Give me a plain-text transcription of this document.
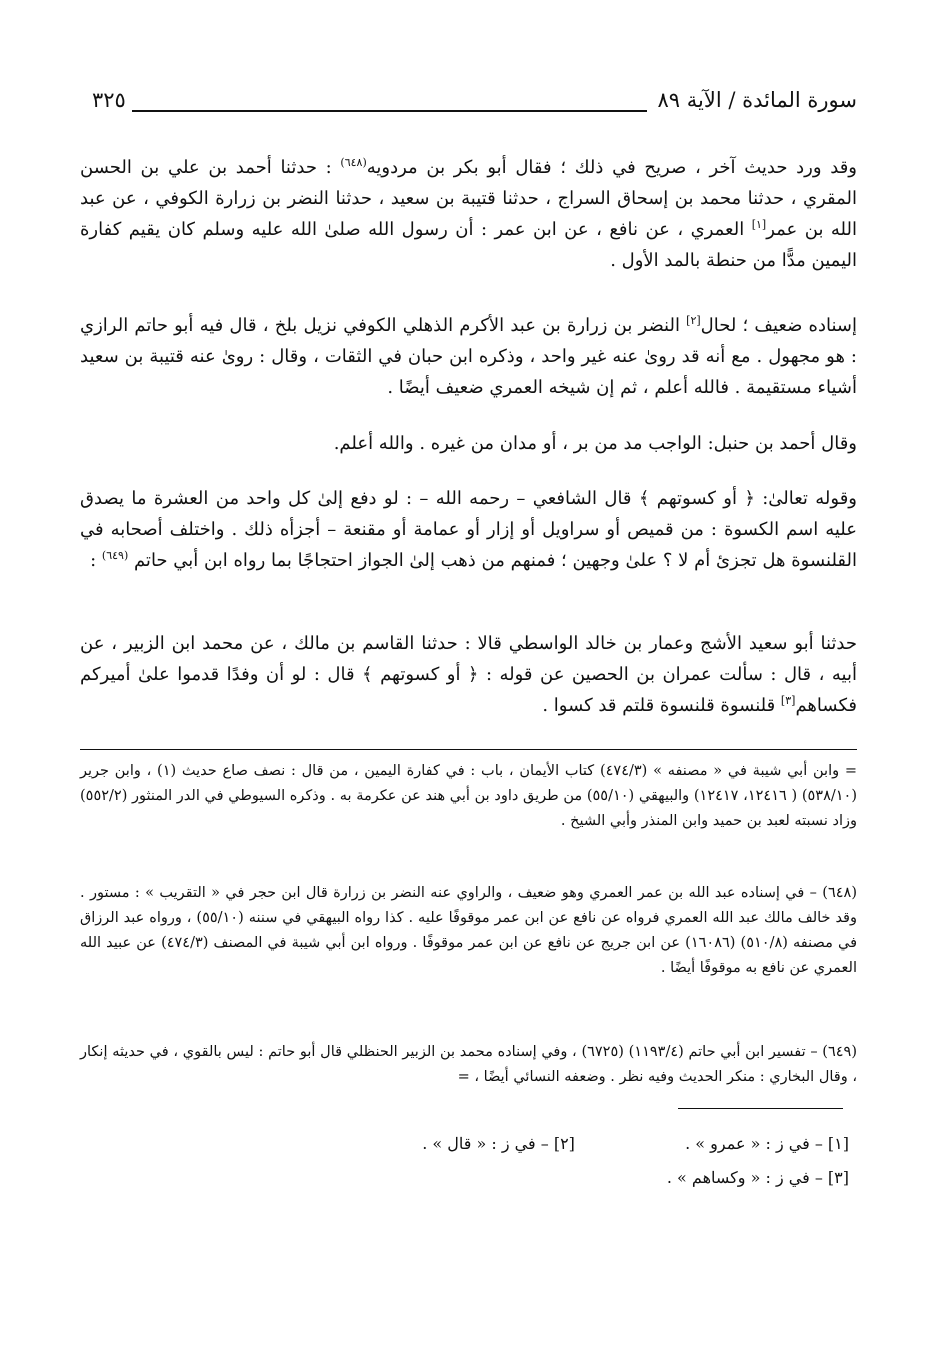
سورة المائدة / الآية ٨٩
٣٢٥
وقد ورد حديث آخر ، صريح في ذلك ؛ فقال أبو بكر بن مردويه$^{(٦٤٨)}$ : حدثنا أحمد بن علي بن الحسن المقري ، حدثنا محمد بن إسحاق السراج ، حدثنا قتيبة بن سعيد ، حدثنا النضر بن زرارة الكوفي ، عن عبد الله بن عمر[١] العمري ، عن نافع ، عن ابن عمر : أن رسول الله صلىٰ الله عليه وسلم كان يقيم كفارة اليمين مدًّا من حنطة بالمد الأول .
إسناده ضعيف ؛ لحال[٢] النضر بن زرارة بن عبد الأكرم الذهلي الكوفي نزيل بلخ ، قال فيه أبو حاتم الرازي : هو مجهول . مع أنه قد روىٰ عنه غير واحد ، وذكره ابن حبان في الثقات ، وقال : روىٰ عنه قتيبة بن سعيد أشياء مستقيمة . فالله أعلم ، ثم إن شيخه العمري ضعيف أيضًا .
وقال أحمد بن حنبل: الواجب مد من بر ، أو مدان من غيره . والله أعلم.
وقوله تعالىٰ: ﴿ أو كسوتهم ﴾ قال الشافعي – رحمه الله – : لو دفع إلىٰ كل واحد من العشرة ما يصدق عليه اسم الكسوة : من قميص أو سراويل أو إزار أو عمامة أو مقنعة – أجزأه ذلك . واختلف أصحابه في القلنسوة هل تجزئ أم لا ؟ علىٰ وجهين ؛ فمنهم من ذهب إلىٰ الجواز احتجاجًا بما رواه ابن أبي حاتم $^{(٦٤٩)}$ :
حدثنا أبو سعيد الأشج وعمار بن خالد الواسطي قالا : حدثنا القاسم بن مالك ، عن محمد ابن الزبير ، عن أبيه ، قال : سألت عمران بن الحصين عن قوله : ﴿ أو كسوتهم ﴾ قال : لو أن وفدًا قدموا علىٰ أميركم فكساهم[٣] قلنسوة قلنسوة قلتم قد كسوا .
= وابن أبي شيبة في « مصنفه » (٤٧٤/٣) كتاب الأيمان ، باب : في كفارة اليمين ، من قال : نصف صاع حديث (١) ، وابن جرير (٥٣٨/١٠) ( ١٢٤١٦، ١٢٤١٧) والبيهقي (٥٥/١٠) من طريق داود بن أبي هند عن عكرمة به . وذكره السيوطي في الدر المنثور (٥٥٢/٢) وزاد نسبته لعبد بن حميد وابن المنذر وأبي الشيخ .
(٦٤٨) – في إسناده عبد الله بن عمر العمري وهو ضعيف ، والراوي عنه النضر بن زرارة قال ابن حجر في « التقريب » : مستور . وقد خالف مالك عبد الله العمري فرواه عن نافع عن ابن عمر موقوفًا عليه . كذا رواه البيهقي في سننه (٥٥/١٠) ، ورواه عبد الرزاق في مصنفه (٥١٠/٨) (١٦٠٨٦) عن ابن جريج عن نافع عن ابن عمر موقوفًا . ورواه ابن أبي شيبة في المصنف (٤٧٤/٣) عن عبيد الله العمري عن نافع به موقوفًا أيضًا .
(٦٤٩) – تفسير ابن أبي حاتم (١١٩٣/٤) (٦٧٢٥) ، وفي إسناده محمد بن الزبير الحنظلي قال أبو حاتم : ليس بالقوي ، في حديثه إنكار ، وقال البخاري : منكر الحديث وفيه نظر . وضعفه النسائي أيضًا ، =
[١] – في ز : « عمرو » .  [٢] – في ز : « قال » .
[٣] – في ز : « وكساهم » .
